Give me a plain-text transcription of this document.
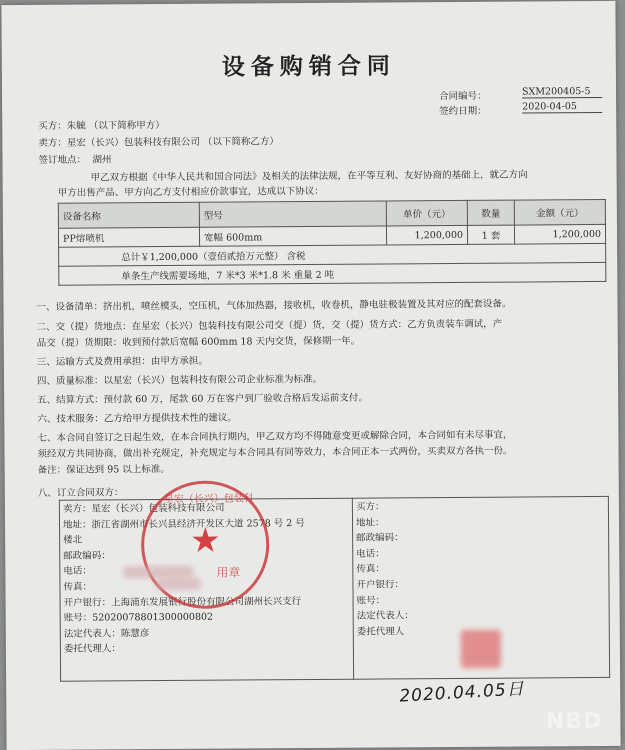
设备购销合同
合同编号：	SXM200405-5
签约日期：	2020-04-05
买方：朱毓 （以下简称甲方）
卖方：星宏（长兴）包装科技有限公司 （以下简称乙方）
签订地点： 湖州
甲乙双方根据《中华人民共和国合同法》及相关的法律法规，在平等互利、友好协商的基础上，就乙方向
甲方出售产品、甲方向乙方支付相应价款事宜，达成以下协议：
设备名称	型号	单价（元）	数量	金额（元）
PP熔喷机	宽幅 600mm	1,200,000	1 套	1,200,000
总计￥1,200,000（壹佰贰拾万元整） 含税				
单条生产线需要场地，7 米*3 米*1.8 米 重量 2 吨				
一、设备清单：挤出机，喷丝模头，空压机，气体加热器，接收机，收卷机，静电驻极装置及其对应的配套设备。
二、交（提）货地点：在星宏（长兴）包装科技有限公司交（提）货，交（提）货方式：乙方负责装车调试，产
品交（提）货期限：收到预付款后宽幅 600mm 18 天内交货，保修期一年。
三、运输方式及费用承担：由甲方承担。
四、质量标准：以星宏（长兴）包装科技有限公司企业标准为标准。
五、结算方式：预付款 60 万，尾款 60 万在客户到厂验收合格后发运前支付。
六、技术服务：乙方给甲方提供技术性的建议。
七、本合同自签订之日起生效，在本合同执行期内，甲乙双方均不得随意变更或解除合同，本合同如有未尽事宜，
须经双方共同协商，做出补充规定，补充规定与本合同具有同等效力，本合同正本一式两份，买卖双方各执一份。
备注：保证达到 95 以上标准。
八、订立合同双方：
卖方：星宏（长兴）包装科技有限公司
地址：浙江省湖州市长兴县经济开发区大道 2578 号 2 号
楼北
邮政编码：
电话：
传真：
开户银行：上海浦东发展银行股份有限公司湖州长兴支行
账号：52020078801300000802
法定代表人：陈慧彦
委托代理人：

买方：
地址：
邮政编码：
电话：
传真：
开户银行：
账号：
法定代表人：
委托代理人
星宏（长兴）包装科
★
用章
2020.04.05日
NBD
